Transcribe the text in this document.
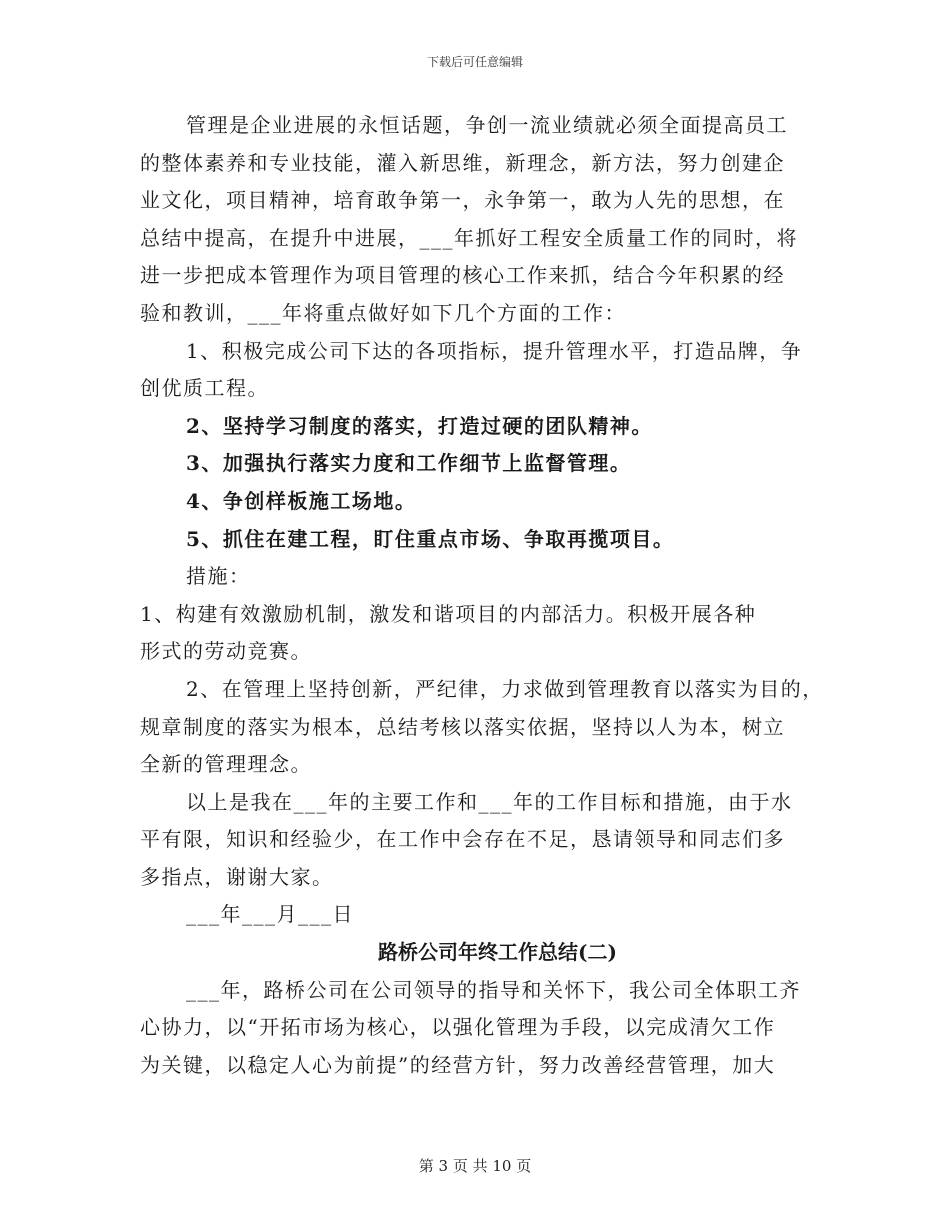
下载后可任意编辑
管理是企业进展的永恒话题，争创一流业绩就必须全面提高员工
的整体素养和专业技能，灌入新思维，新理念，新方法，努力创建企
业文化，项目精神，培育敢争第一，永争第一，敢为人先的思想，在
总结中提高，在提升中进展，___年抓好工程安全质量工作的同时，将
进一步把成本管理作为项目管理的核心工作来抓，结合今年积累的经
验和教训，___年将重点做好如下几个方面的工作：
1、积极完成公司下达的各项指标，提升管理水平，打造品牌，争
创优质工程。
2、坚持学习制度的落实，打造过硬的团队精神。
3、加强执行落实力度和工作细节上监督管理。
4、争创样板施工场地。
5、抓住在建工程，盯住重点市场、争取再揽项目。
措施：
1、构建有效激励机制，激发和谐项目的内部活力。积极开展各种
形式的劳动竞赛。
2、在管理上坚持创新，严纪律，力求做到管理教育以落实为目的，
规章制度的落实为根本，总结考核以落实依据，坚持以人为本，树立
全新的管理理念。
以上是我在___年的主要工作和___年的工作目标和措施，由于水
平有限，知识和经验少，在工作中会存在不足，恳请领导和同志们多
多指点，谢谢大家。
___年___月___日
路桥公司年终工作总结(二)
___年，路桥公司在公司领导的指导和关怀下，我公司全体职工齐
心协力，以“开拓市场为核心，以强化管理为手段，以完成清欠工作
为关键，以稳定人心为前提”的经营方针，努力改善经营管理，加大
第 3 页 共 10 页
